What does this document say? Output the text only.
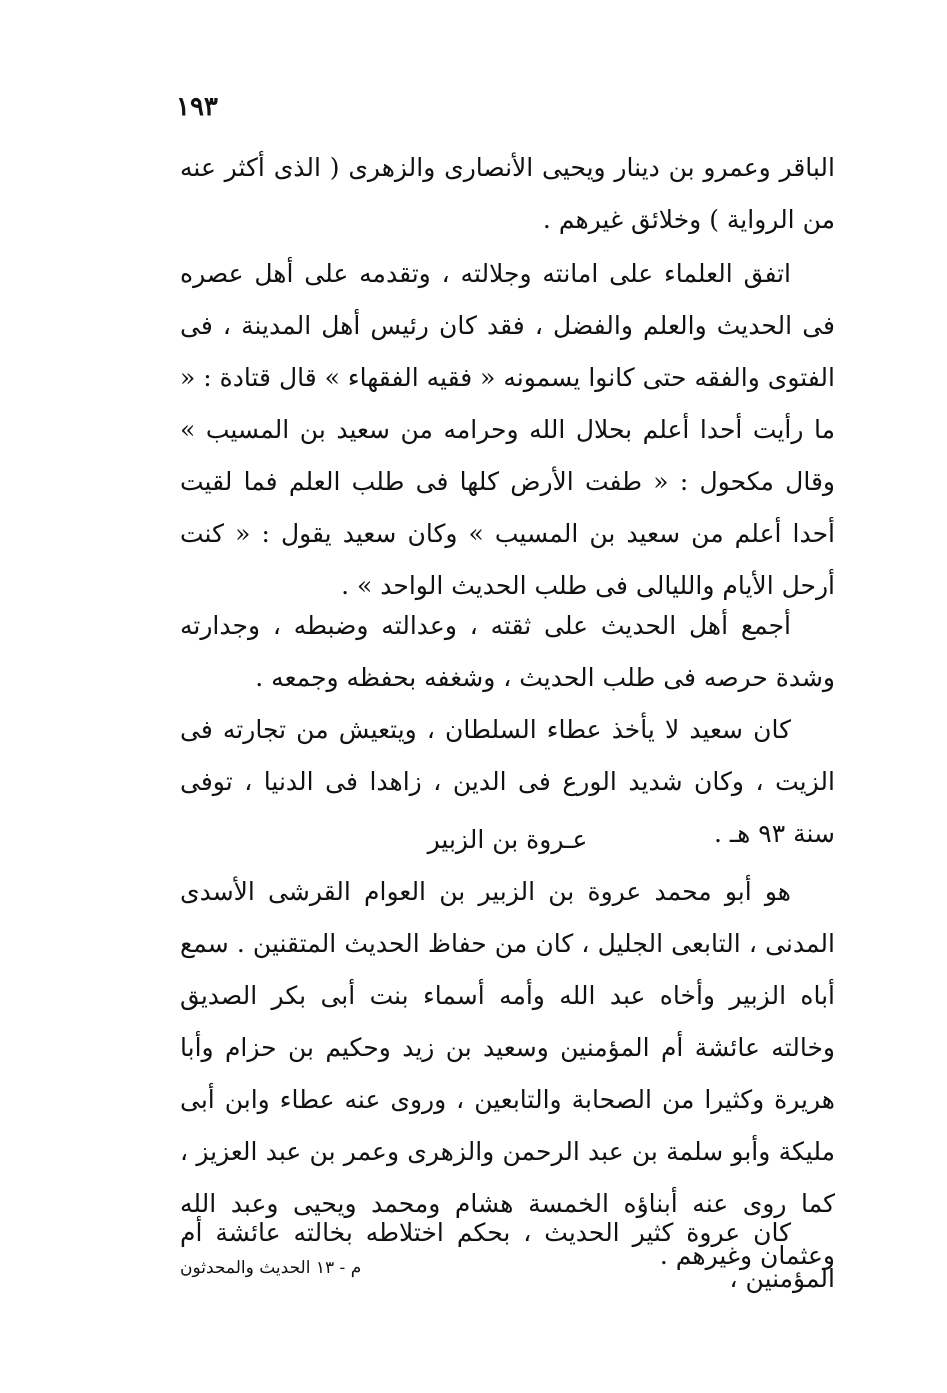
١٩٣
الباقر وعمرو بن دينار ويحيى الأنصارى والزهرى ( الذى أكثر عنه من الرواية ) وخلائق غيرهم .
اتفق العلماء على امانته وجلالته ، وتقدمه على أهل عصره فى الحديث والعلم والفضل ، فقد كان رئيس أهل المدينة ، فى الفتوى والفقه حتى كانوا يسمونه « فقيه الفقهاء » قال قتادة : « ما رأيت أحدا أعلم بحلال الله وحرامه من سعيد بن المسيب » وقال مكحول : « طفت الأرض كلها فى طلب العلم فما لقيت أحدا أعلم من سعيد بن المسيب » وكان سعيد يقول : « كنت أرحل الأيام والليالى فى طلب الحديث الواحد » .
أجمع أهل الحديث على ثقته ، وعدالته وضبطه ، وجدارته وشدة حرصه فى طلب الحديث ، وشغفه بحفظه وجمعه .
كان سعيد لا يأخذ عطاء السلطان ، ويتعيش من تجارته فى الزيت ، وكان شديد الورع فى الدين ، زاهدا فى الدنيا ، توفى سنة ٩٣ هـ .
عـروة بن الزبير
هو أبو محمد عروة بن الزبير بن العوام القرشى الأسدى المدنى ، التابعى الجليل ، كان من حفاظ الحديث المتقنين . سمع أباه الزبير وأخاه عبد الله وأمه أسماء بنت أبى بكر الصديق وخالته عائشة أم المؤمنين وسعيد بن زيد وحكيم بن حزام وأبا هريرة وكثيرا من الصحابة والتابعين ، وروى عنه عطاء وابن أبى مليكة وأبو سلمة بن عبد الرحمن والزهرى وعمر بن عبد العزيز ، كما روى عنه أبناؤه الخمسة هشام ومحمد ويحيى وعبد الله وعثمان وغيرهم .
كان عروة كثير الحديث ، بحكم اختلاطه بخالته عائشة أم المؤمنين ،
م - ١٣ الحديث والمحدثون
